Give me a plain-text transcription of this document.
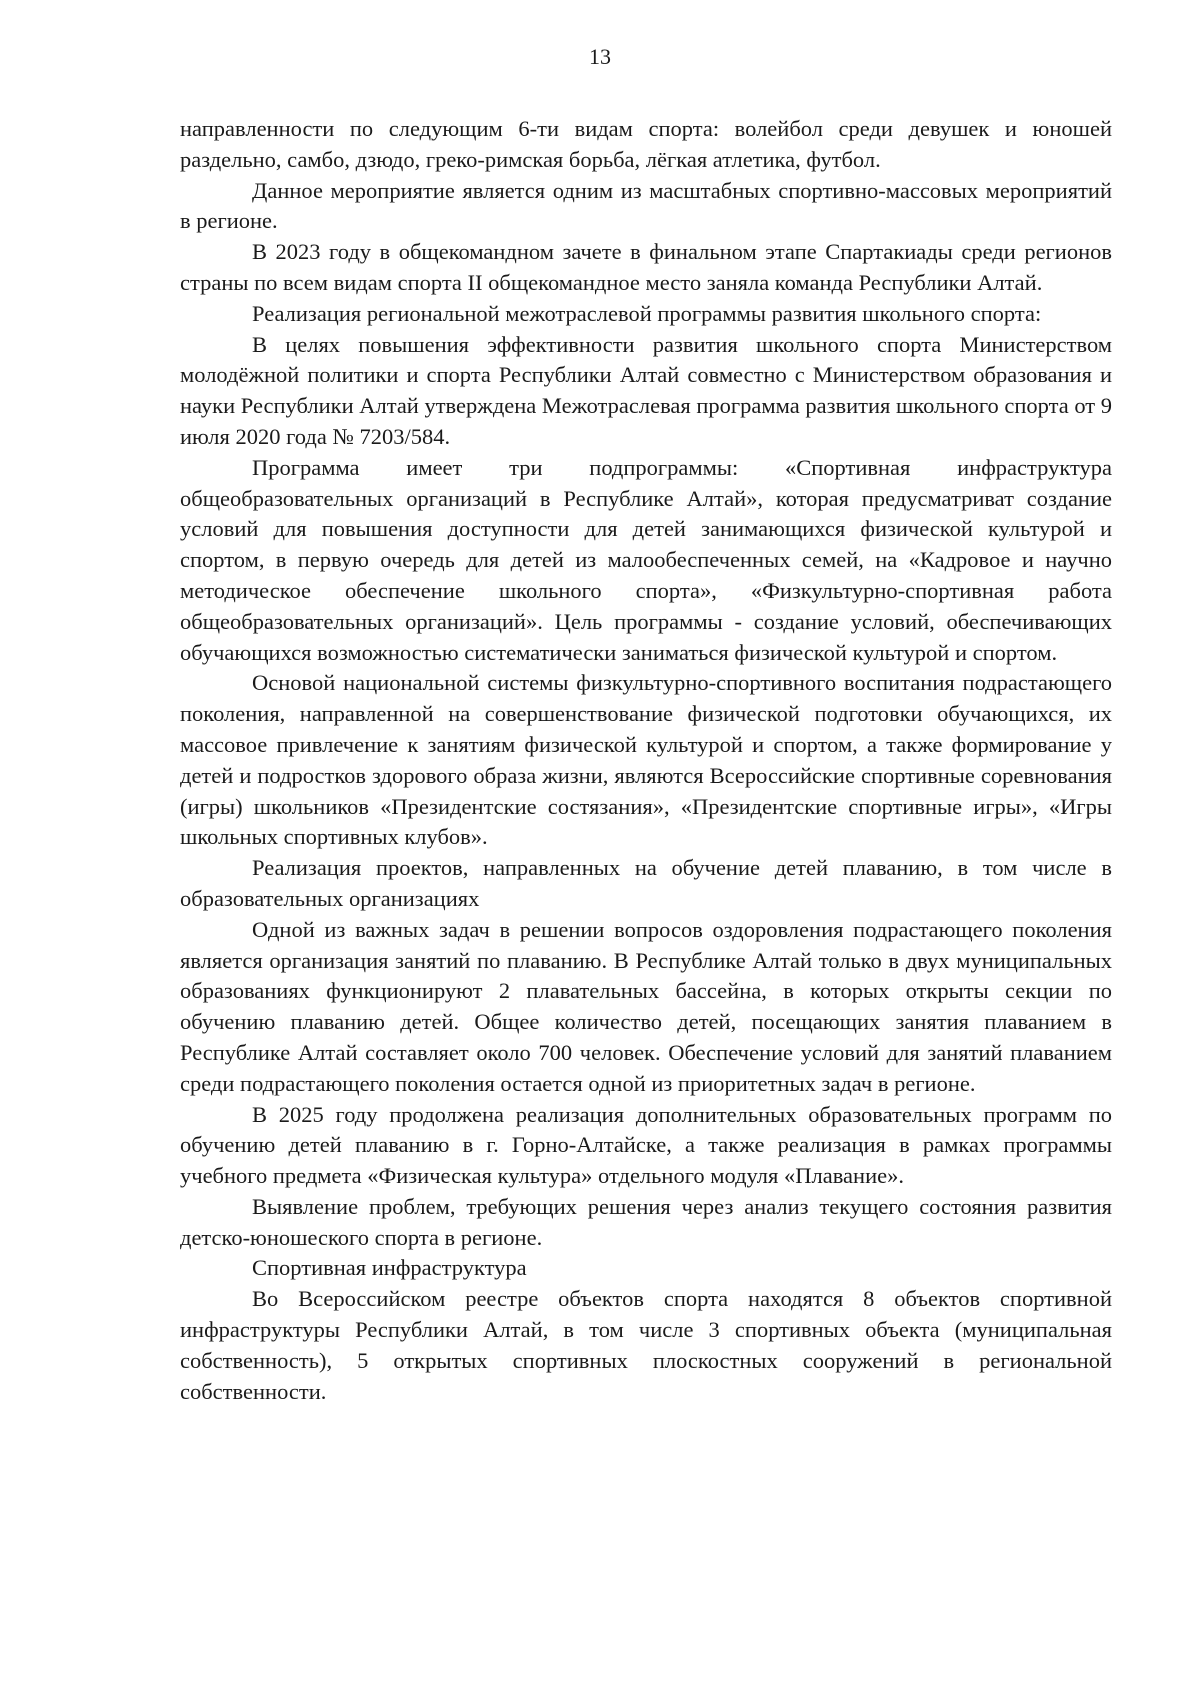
13

направленности по следующим 6-ти видам спорта: волейбол среди девушек и юношей раздельно, самбо, дзюдо, греко-римская борьба, лёгкая атлетика, футбол.

Данное мероприятие является одним из масштабных спортивно-массовых мероприятий в регионе.

В 2023 году в общекомандном зачете в финальном этапе Спартакиады среди регионов страны по всем видам спорта II общекомандное место заняла команда Республики Алтай.

Реализация региональной межотраслевой программы развития школьного спорта:

В целях повышения эффективности развития школьного спорта Министерством молодёжной политики и спорта Республики Алтай совместно с Министерством образования и науки Республики Алтай утверждена Межотраслевая программа развития школьного спорта от 9 июля 2020 года № 7203/584.

Программа имеет три подпрограммы: «Спортивная инфраструктура общеобразовательных организаций в Республике Алтай», которая предусматриват создание условий для повышения доступности для детей занимающихся физической культурой и спортом, в первую очередь для детей из малообеспеченных семей, на «Кадровое и научно методическое обеспечение школьного спорта», «Физкультурно-спортивная работа общеобразовательных организаций». Цель программы - создание условий, обеспечивающих обучающихся возможностью систематически заниматься физической культурой и спортом.

Основой национальной системы физкультурно-спортивного воспитания подрастающего поколения, направленной на совершенствование физической подготовки обучающихся, их массовое привлечение к занятиям физической культурой и спортом, а также формирование у детей и подростков здорового образа жизни, являются Всероссийские спортивные соревнования (игры) школьников «Президентские состязания», «Президентские спортивные игры», «Игры школьных спортивных клубов».

Реализация проектов, направленных на обучение детей плаванию, в том числе в образовательных организациях

Одной из важных задач в решении вопросов оздоровления подрастающего поколения является организация занятий по плаванию. В Республике Алтай только в двух муниципальных образованиях функционируют 2 плавательных бассейна, в которых открыты секции по обучению плаванию детей. Общее количество детей, посещающих занятия плаванием в Республике Алтай составляет около 700 человек. Обеспечение условий для занятий плаванием среди подрастающего поколения остается одной из приоритетных задач в регионе.

В 2025 году продолжена реализация дополнительных образовательных программ по обучению детей плаванию в г. Горно-Алтайске, а также реализация в рамках программы учебного предмета «Физическая культура» отдельного модуля «Плавание».

Выявление проблем, требующих решения через анализ текущего состояния развития детско-юношеского спорта в регионе.

Спортивная инфраструктура

Во Всероссийском реестре объектов спорта находятся 8 объектов спортивной инфраструктуры Республики Алтай, в том числе 3 спортивных объекта (муниципальная собственность), 5 открытых спортивных плоскостных сооружений в региональной собственности.
